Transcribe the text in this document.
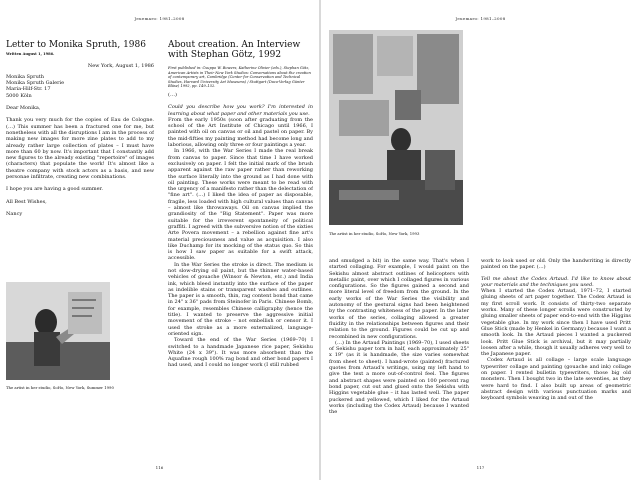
Jeuemaro: 1981–2008
Letter to Monika Spruth, 1986

Written August 1, 1986.

New York, August 1, 1986

Monika Spruth

Monika Spruth Galerie

Maria-Hilf-Str. 17

5000 Köln

Dear Monika,

Thank you very much for the copies of Eau de Cologne. (…) This summer has been a fractured one for me, but nonetheless with all the disruptions I am in the process of making new images for more zine plates to add to my already rather large collection of plates – I must have more than 60 by now. It's important that I constantly add new figures to the already existing "repertoire" of images (characters) that populate the work! It's almost like a theatre company with stock actors as a basis, and new personae infiltrate, creating new combinations.

I hope you are having a good summer.

All Best Wishes,

Nancy

The artist in her studio, SoHo, New York, Summer 1990
About creation. An Interview with Stephan Götz, 1992

First published in: Csuppo W. Bowers, Katherine Olivier (eds.), Stephan Götz, American Artists in Their New York Studios: Conversations about the creation of contemporary art, Cambridge (Center for Conservation and Technical Studies, Harvard University Art Museums) / Stuttgart (Daco-Verlag Günter Bläse) 1992, pp. 149–152.

(…)

Could you describe how you work? I'm interested in learning about what paper and other materials you use.

From the early 1950s (soon after graduating from the school of the Art Institute of Chicago until 1966, I painted with oil on canvas or oil and pastel on paper. By the mid-fifties my painting method had become long and laborious, allowing only three or four paintings a year.

In 1966, with the War Series I made the real break from canvas to paper. Since that time I have worked exclusively on paper. I felt the initial mark of the brush apparent against the raw paper rather than reworking the surface literally into the ground as I had done with oil painting. These works were meant to be read with the urgency of a manifesto rather than the delectation of "fine art". (…) I liked the idea of paper as disposable, fragile, less loaded with high cultural values than canvas – almost like throwaways. Oil on canvas implied the grandiosity of the "Big Statement". Paper was more suitable for the irreverent spontaneity of political graffiti. I agreed with the subversive notion of the sixties Arte Povera movement – a rebellion against fine art's material preciousness and value as acquisition. I also like Duchamp for its mocking of the status quo. So this is how I saw paper as suitable for a swift attack, accessible.

In the War Series the stroke is direct. The medium is not slow-drying oil paint, but the thinner water-based vehicles of gouache (Winsor & Newton, etc.) and India ink, which bleed instantly into the surface of the paper as indelible stains or transparent washes and outlines. The paper is a smooth, thin, rag content bond that came in 24" x 36" pads from Steinofer in Paris. Chinese Bomb, for example, resembles Chinese calligraphy (hence the title). I wanted to preserve the aggressive initial movement of the stroke – not embellish or censor it. I used the stroke as a more externalized, language-oriented sign.

Toward the end of the War Series (1969–70) I switched to a handmade Japanese rice paper, Sekishu White (24 x 39"). It was more absorbent than the Aquafine rough 100% rag bond and other bond papers I had used, and I could no longer work (I still rubbed

116
Jeuemaro: 1981–2008
The artist in her studio, SoHo, New York, 1993

and smudged a bit) in the same way. That's when I started collaging. For example, I would paint on the Sekishu almost abstract outlines of helicopters with metallic paint, over which I collaged figures in various configurations. So the figures gained a second and more literal level of freedom from the ground. In the early works of the War Series the visibility and autonomy of the gestural signs had been heightened by the contrasting whiteness of the paper. In the later works of the series, collaging allowed a greater fluidity in the relationships between figures and their relation to the ground. Figures could be cut up and recombined in new configurations.

(…) In the Artaud Paintings (1969–70), I used sheets of Sekishu paper torn in half, each approximately 25" x 19" (as it is handmade, the size varies somewhat from sheet to sheet). I hand-wrote (painted) fractured quotes from Artaud's writings, using my left hand to give the text a more out-of-control feel. The figures and abstract shapes were painted on 100 percent rag bond paper, cut out and glued onto the Sekishu with Higgins vegetable glue – it has lasted well. The paper puckered and yellowed, which I liked for the Artaud works (including the Codex Artaud) because I wanted the

work to look used or old. Only the handwriting is directly painted on the paper. (…)

Tell me about the Codex Artaud. I'd like to know about your materials and the techniques you used.

When I started the Codex Artaud, 1971–72, I started gluing sheets of art paper together. The Codex Artaud is my first scroll work. It consists of thirty-two separate works. Many of these longer scrolls were constructed by gluing smaller sheets of paper end-to-end with the Higgins vegetable glue. In my work since then I have used Pritt Glue Stick (made by Henkel in Germany) because I want a smooth look. In the Artaud pieces I wanted a puckered look. Pritt Glue Stick is archival, but it may partially loosen after a while, though it usually adheres very well to the Japanese paper.

Codex Artaud is all collage – large scale language typewriter collage and painting (gouache and ink) collage on paper. I rented bulletin typewriters, those big old monsters. Then I bought two in the late seventies, as they were hard to find. I also built up areas of geometric abstract design with various punctuation marks and keyboard symbols weaving in and out of the

117
